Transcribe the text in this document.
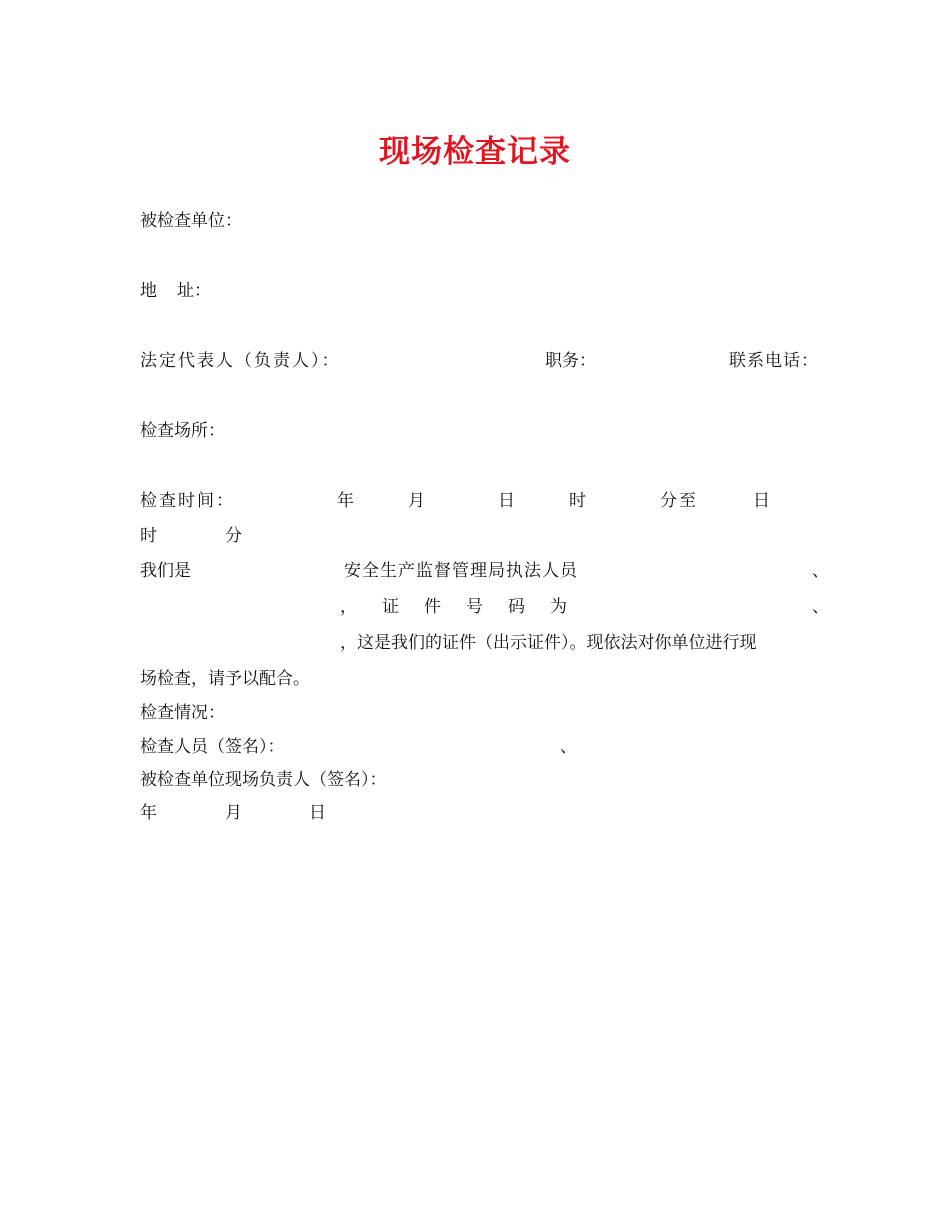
现场检查记录
被检查单位：
地 址：
法定代表人（负责人）：	职务：	联系电话：
检查场所：
检查时间：	年	月	日	时	分至	日
时	分
我们是	安全生产监督管理局执法人员	、
， 证 件 号 码 为	、
，这是我们的证件（出示证件）。现依法对你单位进行现
场检查，请予以配合。
检查情况：
检查人员（签名）：	、
被检查单位现场负责人（签名）：
年	月	日
